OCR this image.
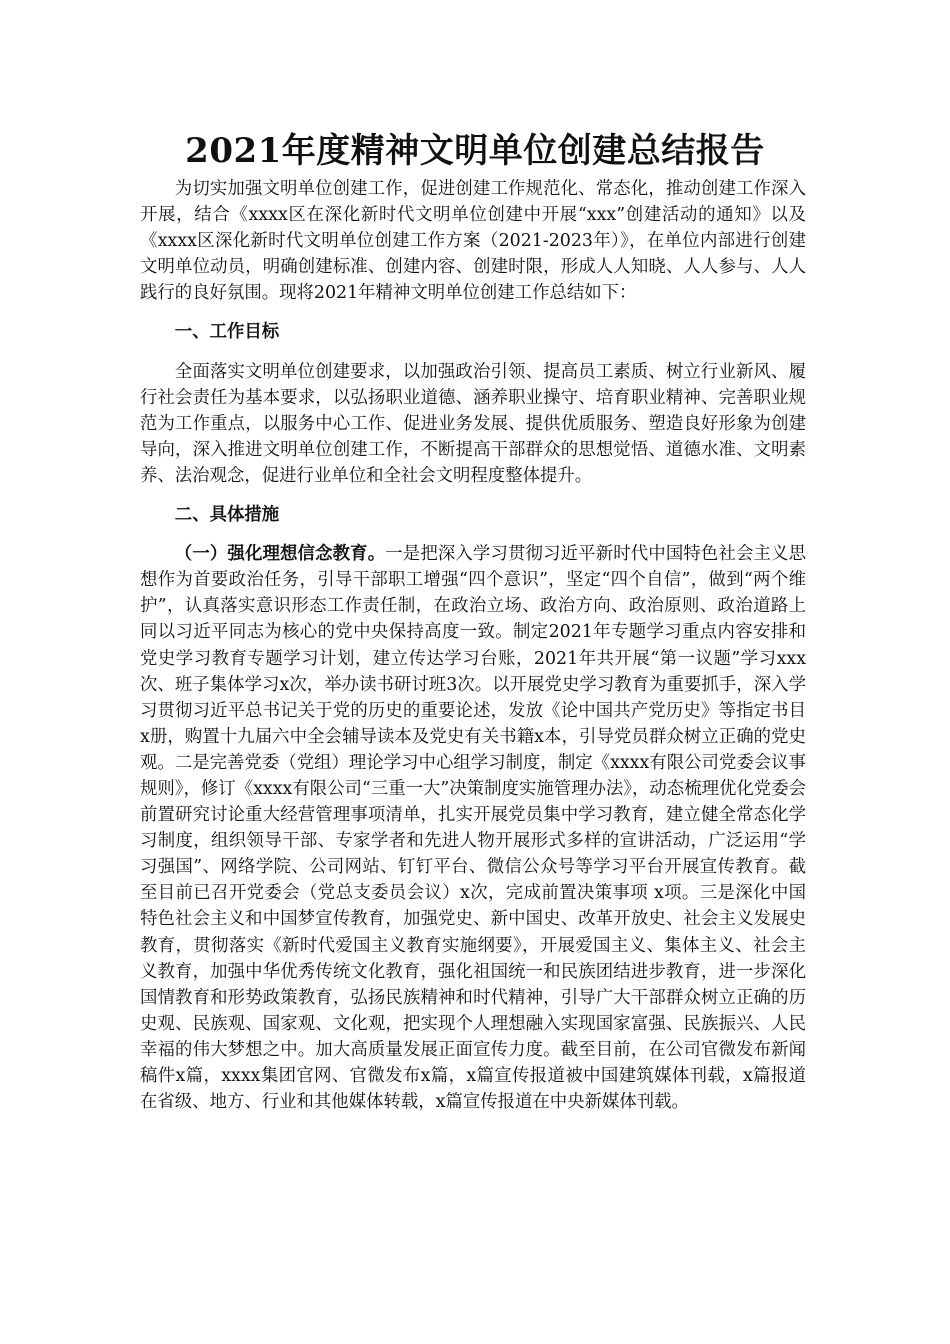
2021年度精神文明单位创建总结报告

为切实加强文明单位创建工作，促进创建工作规范化、常态化，推动创建工作深入开展，结合《xxxx区在深化新时代文明单位创建中开展“xxx”创建活动的通知》以及《xxxx区深化新时代文明单位创建工作方案（2021-2023年）》，在单位内部进行创建文明单位动员，明确创建标准、创建内容、创建时限，形成人人知晓、人人参与、人人践行的良好氛围。现将2021年精神文明单位创建工作总结如下：

一、工作目标

全面落实文明单位创建要求，以加强政治引领、提高员工素质、树立行业新风、履行社会责任为基本要求，以弘扬职业道德、涵养职业操守、培育职业精神、完善职业规范为工作重点，以服务中心工作、促进业务发展、提供优质服务、塑造良好形象为创建导向，深入推进文明单位创建工作，不断提高干部群众的思想觉悟、道德水准、文明素养、法治观念，促进行业单位和全社会文明程度整体提升。

二、具体措施

（一）强化理想信念教育。一是把深入学习贯彻习近平新时代中国特色社会主义思想作为首要政治任务，引导干部职工增强“四个意识”，坚定“四个自信”，做到“两个维护”，认真落实意识形态工作责任制，在政治立场、政治方向、政治原则、政治道路上同以习近平同志为核心的党中央保持高度一致。制定2021年专题学习重点内容安排和党史学习教育专题学习计划，建立传达学习台账，2021年共开展“第一议题”学习xxx次、班子集体学习x次，举办读书研讨班3次。以开展党史学习教育为重要抓手，深入学习贯彻习近平总书记关于党的历史的重要论述，发放《论中国共产党历史》等指定书目x册，购置十九届六中全会辅导读本及党史有关书籍x本，引导党员群众树立正确的党史观。二是完善党委（党组）理论学习中心组学习制度，制定《xxxx有限公司党委会议事规则》，修订《xxxx有限公司“三重一大”决策制度实施管理办法》，动态梳理优化党委会前置研究讨论重大经营管理事项清单，扎实开展党员集中学习教育，建立健全常态化学习制度，组织领导干部、专家学者和先进人物开展形式多样的宣讲活动，广泛运用“学习强国”、网络学院、公司网站、钉钉平台、微信公众号等学习平台开展宣传教育。截至目前已召开党委会（党总支委员会议）x次，完成前置决策事项 x项。三是深化中国特色社会主义和中国梦宣传教育，加强党史、新中国史、改革开放史、社会主义发展史教育，贯彻落实《新时代爱国主义教育实施纲要》，开展爱国主义、集体主义、社会主义教育，加强中华优秀传统文化教育，强化祖国统一和民族团结进步教育，进一步深化国情教育和形势政策教育，弘扬民族精神和时代精神，引导广大干部群众树立正确的历史观、民族观、国家观、文化观，把实现个人理想融入实现国家富强、民族振兴、人民幸福的伟大梦想之中。加大高质量发展正面宣传力度。截至目前，在公司官微发布新闻稿件x篇，xxxx集团官网、官微发布x篇，x篇宣传报道被中国建筑媒体刊载，x篇报道在省级、地方、行业和其他媒体转载，x篇宣传报道在中央新媒体刊载。
